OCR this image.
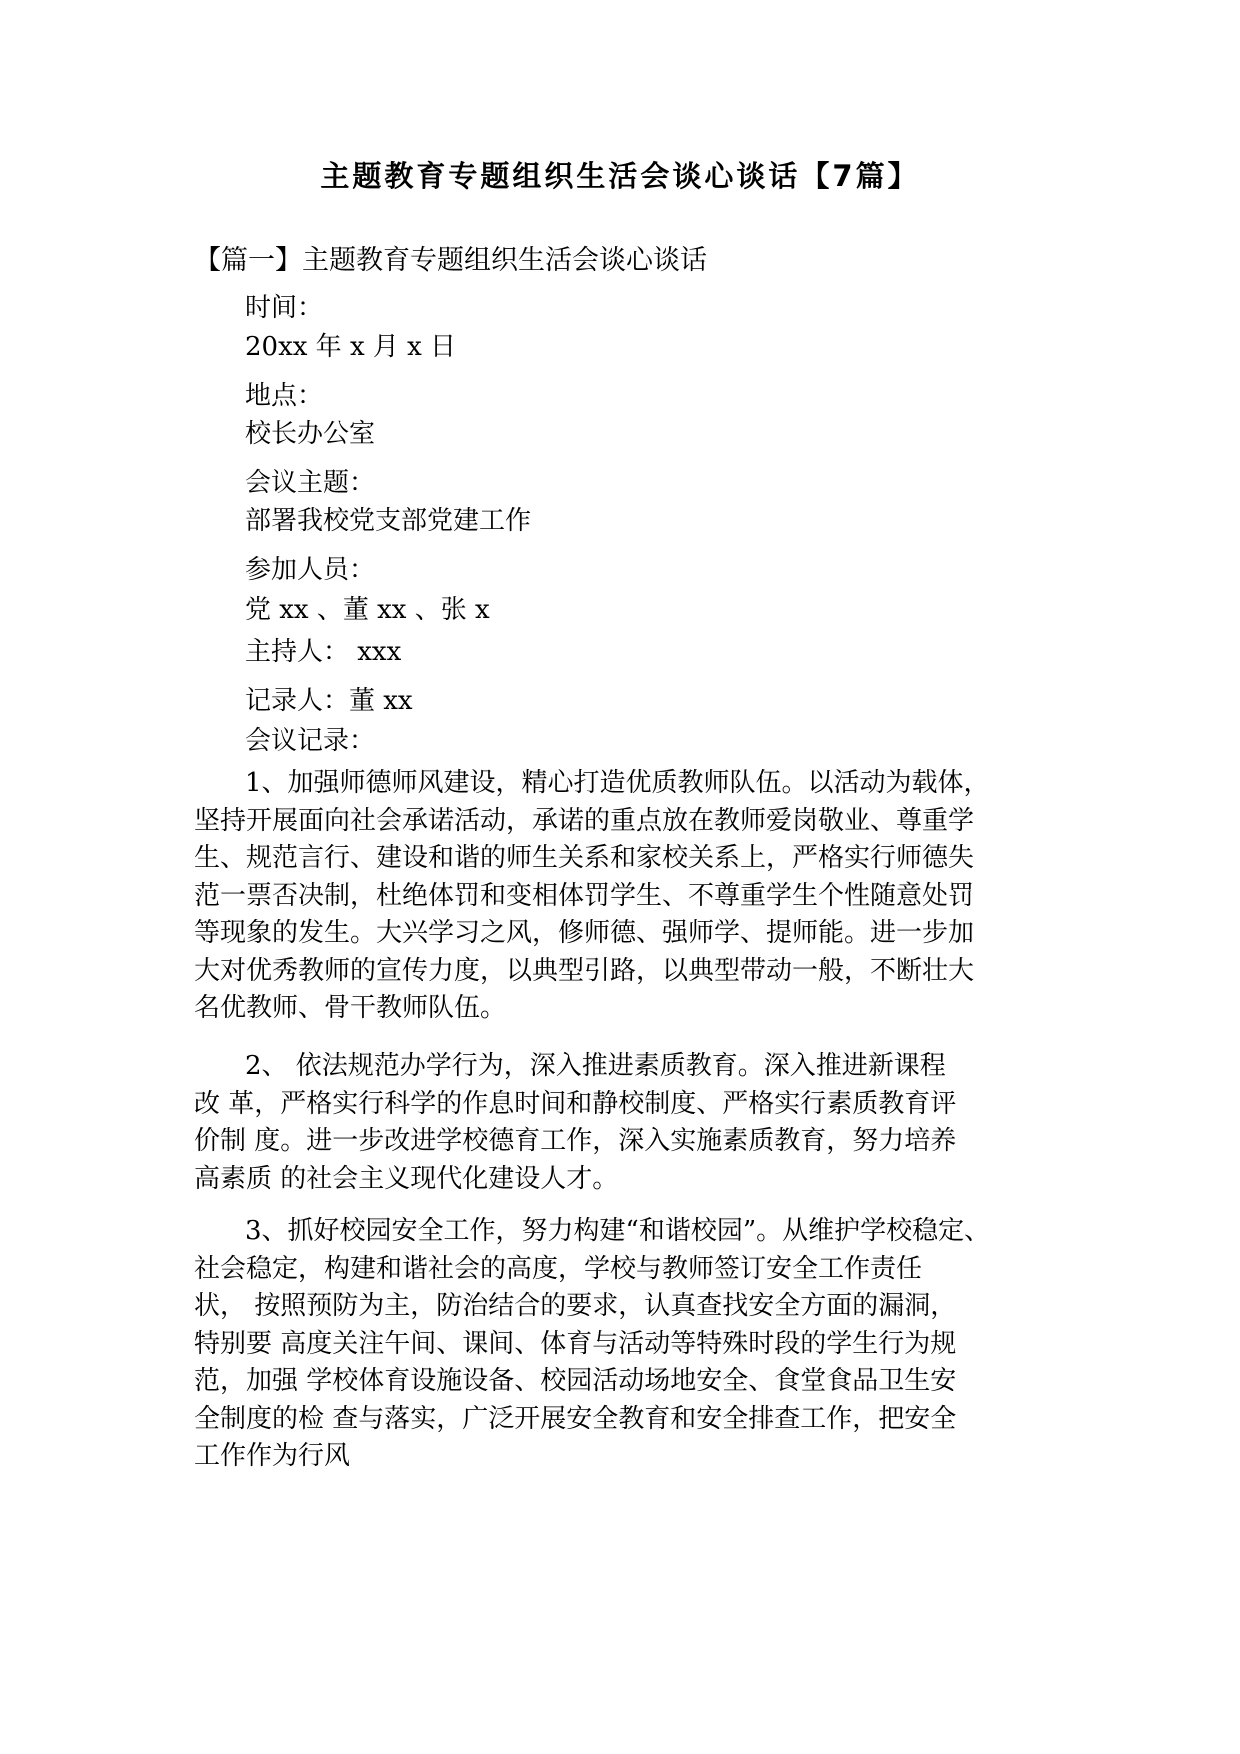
主题教育专题组织生活会谈心谈话【7篇】
【篇一】主题教育专题组织生活会谈心谈话
时间：
20xx 年 x 月 x 日
地点：
校长办公室
会议主题：
部署我校党支部党建工作
参加人员：
党 xx 、董 xx 、张 x
主持人： xxx
记录人：董 xx
会议记录：
1、加强师德师风建设，精心打造优质教师队伍。以活动为载体，
坚持开展面向社会承诺活动，承诺的重点放在教师爱岗敬业、尊重学
生、规范言行、建设和谐的师生关系和家校关系上，严格实行师德失
范一票否决制，杜绝体罚和变相体罚学生、不尊重学生个性随意处罚
等现象的发生。大兴学习之风，修师德、强师学、提师能。进一步加
大对优秀教师的宣传力度，以典型引路，以典型带动一般，不断壮大
名优教师、骨干教师队伍。
2、 依法规范办学行为，深入推进素质教育。深入推进新课程
改 革，严格实行科学的作息时间和静校制度、严格实行素质教育评
价制 度。进一步改进学校德育工作，深入实施素质教育，努力培养
高素质 的社会主义现代化建设人才。
3、抓好校园安全工作，努力构建“和谐校园”。从维护学校稳定、
社会稳定，构建和谐社会的高度，学校与教师签订安全工作责任
状， 按照预防为主，防治结合的要求，认真查找安全方面的漏洞，
特别要 高度关注午间、课间、体育与活动等特殊时段的学生行为规
范，加强 学校体育设施设备、校园活动场地安全、食堂食品卫生安
全制度的检 查与落实，广泛开展安全教育和安全排查工作，把安全
工作作为行风
